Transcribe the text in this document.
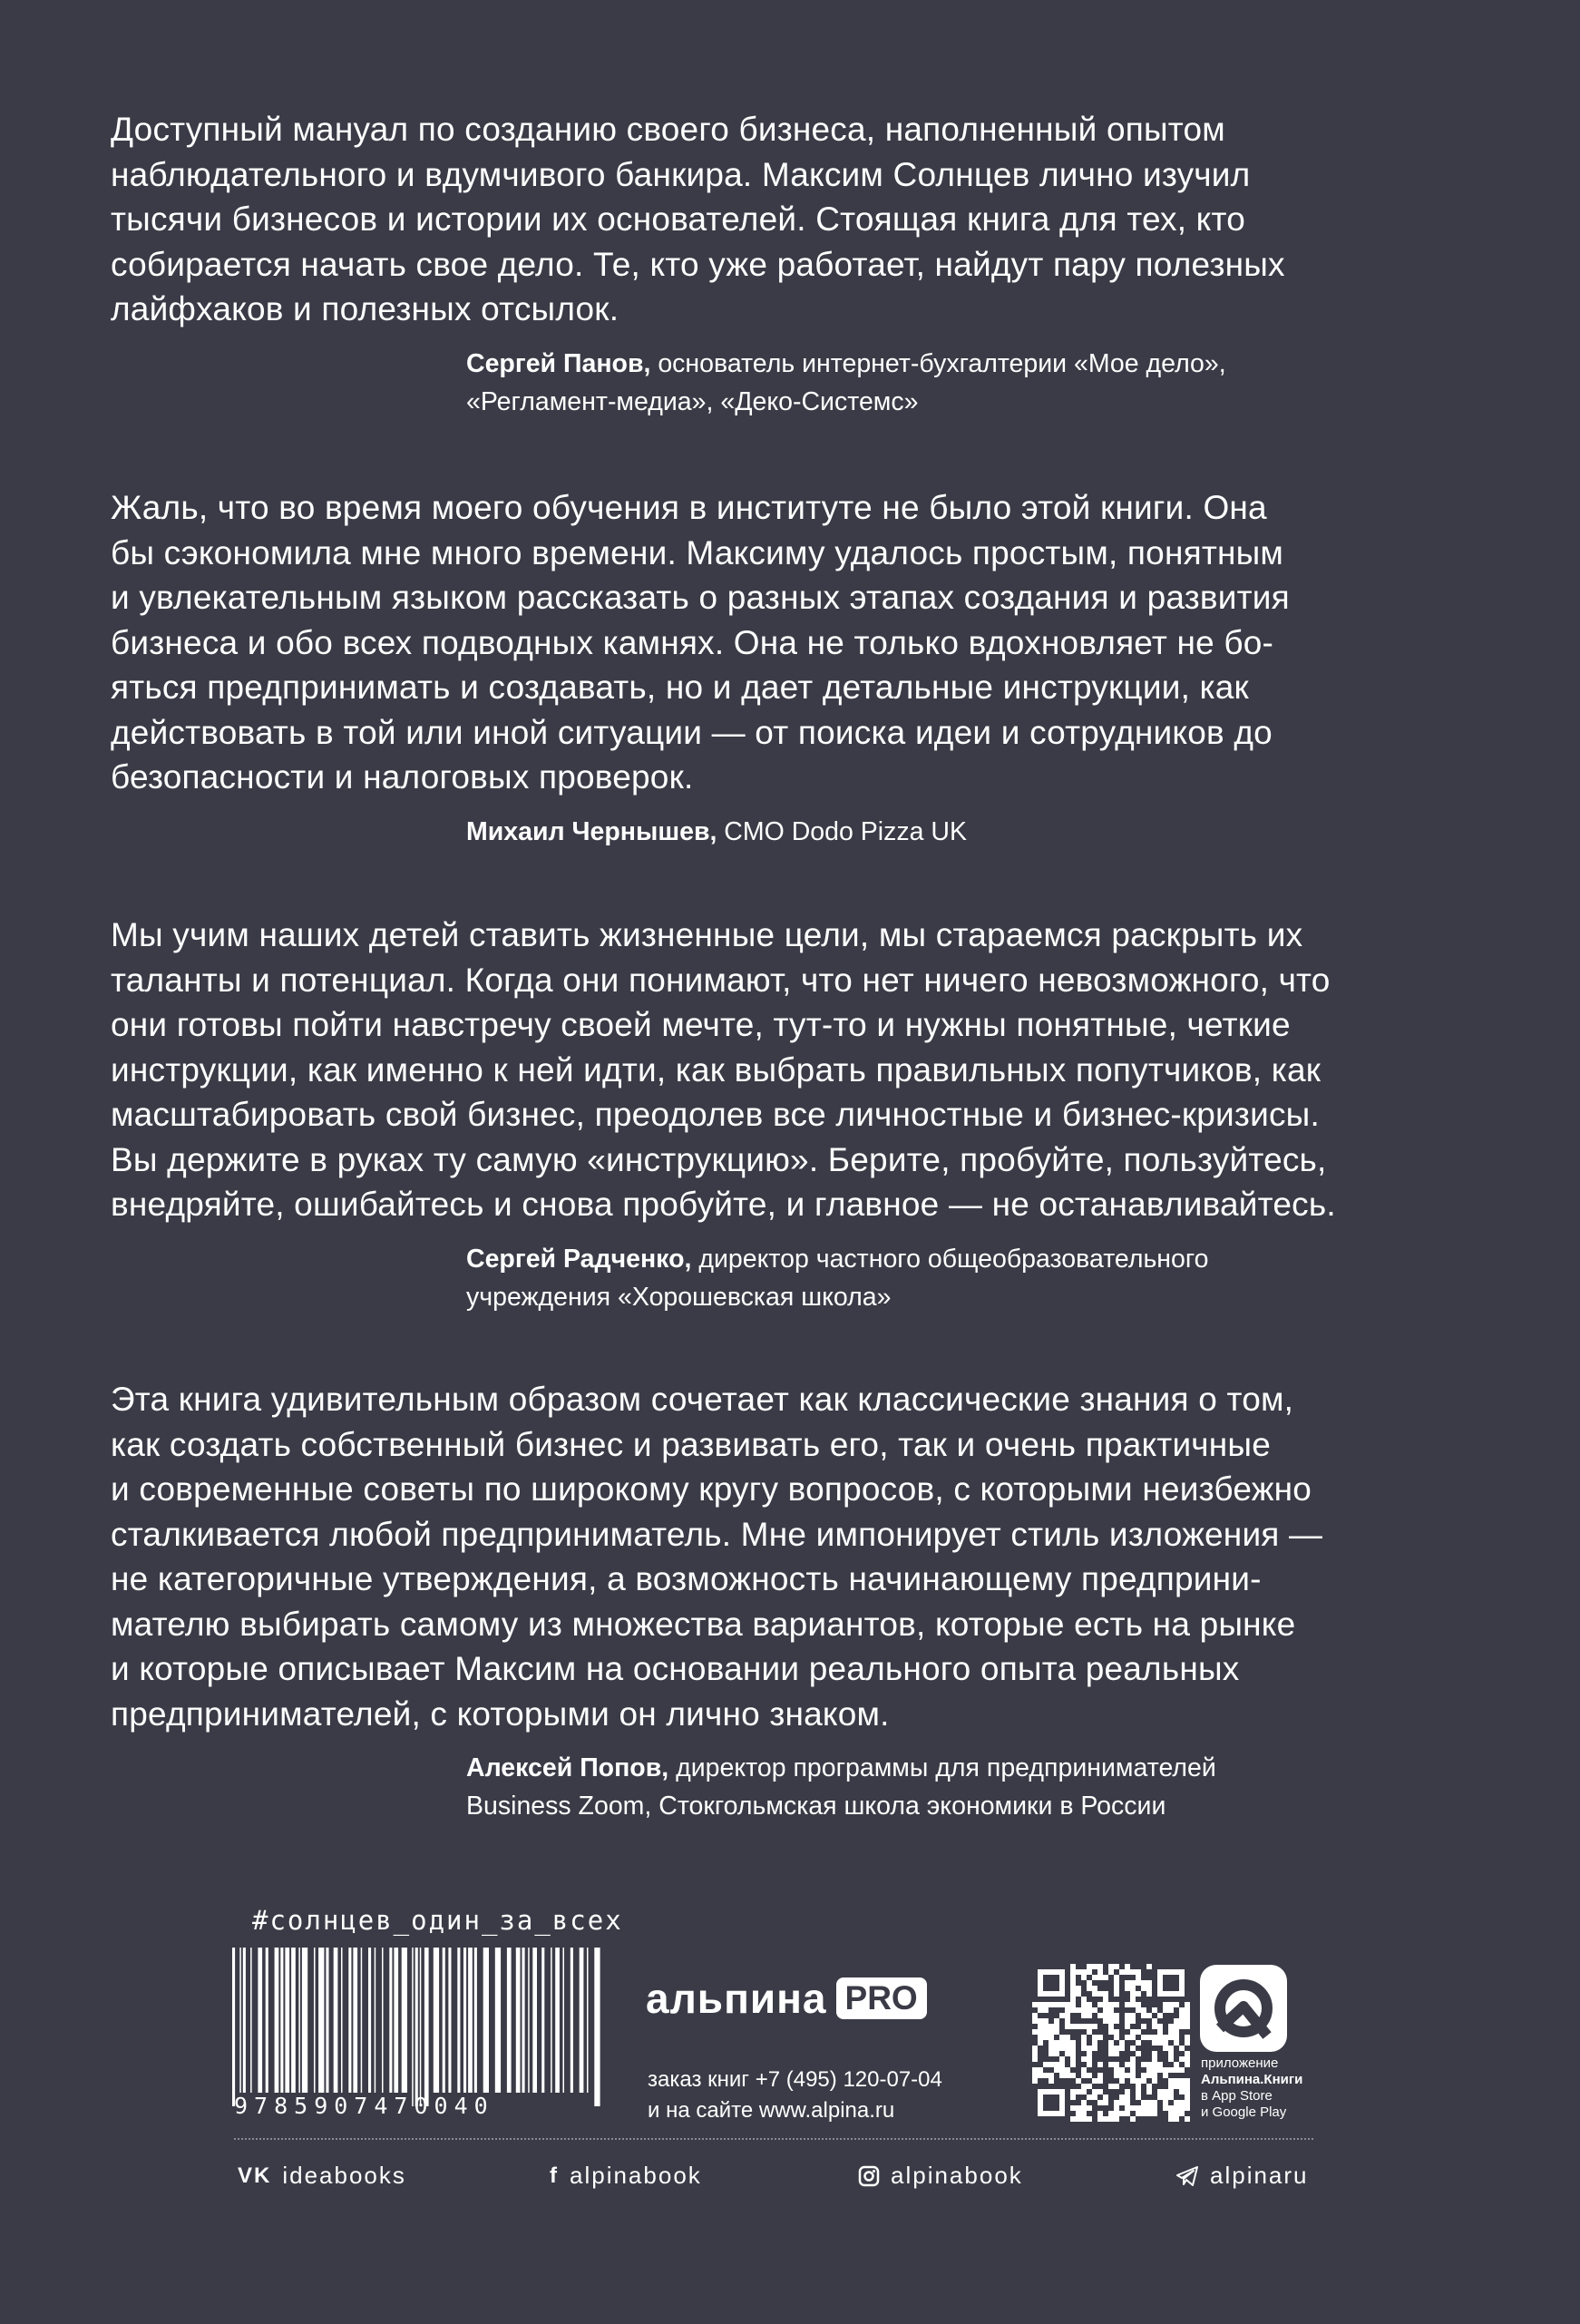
Доступный мануал по созданию своего бизнеса, наполненный опытом
наблюдательного и вдумчивого банкира. Максим Солнцев лично изучил
тысячи бизнесов и истории их основателей. Стоящая книга для тех, кто
собирается начать свое дело. Те, кто уже работает, найдут пару полезных
лайфхаков и полезных отсылок.

Сергей Панов, основатель интернет-бухгалтерии «Мое дело»,
«Регламент-медиа», «Деко-Системс»

Жаль, что во время моего обучения в институте не было этой книги. Она
бы сэкономила мне много времени. Максиму удалось простым, понятным
и увлекательным языком рассказать о разных этапах создания и развития
бизнеса и обо всех подводных камнях. Она не только вдохновляет не бо-
яться предпринимать и создавать, но и дает детальные инструкции, как
действовать в той или иной ситуации — от поиска идеи и сотрудников до
безопасности и налоговых проверок.

Михаил Чернышев, CMO Dodo Pizza UK

Мы учим наших детей ставить жизненные цели, мы стараемся раскрыть их
таланты и потенциал. Когда они понимают, что нет ничего невозможного, что
они готовы пойти навстречу своей мечте, тут-то и нужны понятные, четкие
инструкции, как именно к ней идти, как выбрать правильных попутчиков, как
масштабировать свой бизнес, преодолев все личностные и бизнес-кризисы.
Вы держите в руках ту самую «инструкцию». Берите, пробуйте, пользуйтесь,
внедряйте, ошибайтесь и снова пробуйте, и главное — не останавливайтесь.

Сергей Радченко, директор частного общеобразовательного
учреждения «Хорошевская школа»

Эта книга удивительным образом сочетает как классические знания о том,
как создать собственный бизнес и развивать его, так и очень практичные
и современные советы по широкому кругу вопросов, с которыми неизбежно
сталкивается любой предприниматель. Мне импонирует стиль изложения —
не категоричные утверждения, а возможность начинающему предприни-
мателю выбирать самому из множества вариантов, которые есть на рынке
и которые описывает Максим на основании реального опыта реальных
предпринимателей, с которыми он лично знаком.

Алексей Попов, директор программы для предпринимателей
Business Zoom, Стокгольмская школа экономики в России
#солнцев_один_за_всех
9785907470040
альпина PRO
заказ книг +7 (495) 120-07-04
и на сайте www.alpina.ru
приложение
Альпина.Книги
в App Store
и Google Play
VK ideabooks	f alpinabook	alpinabook	alpinaru
